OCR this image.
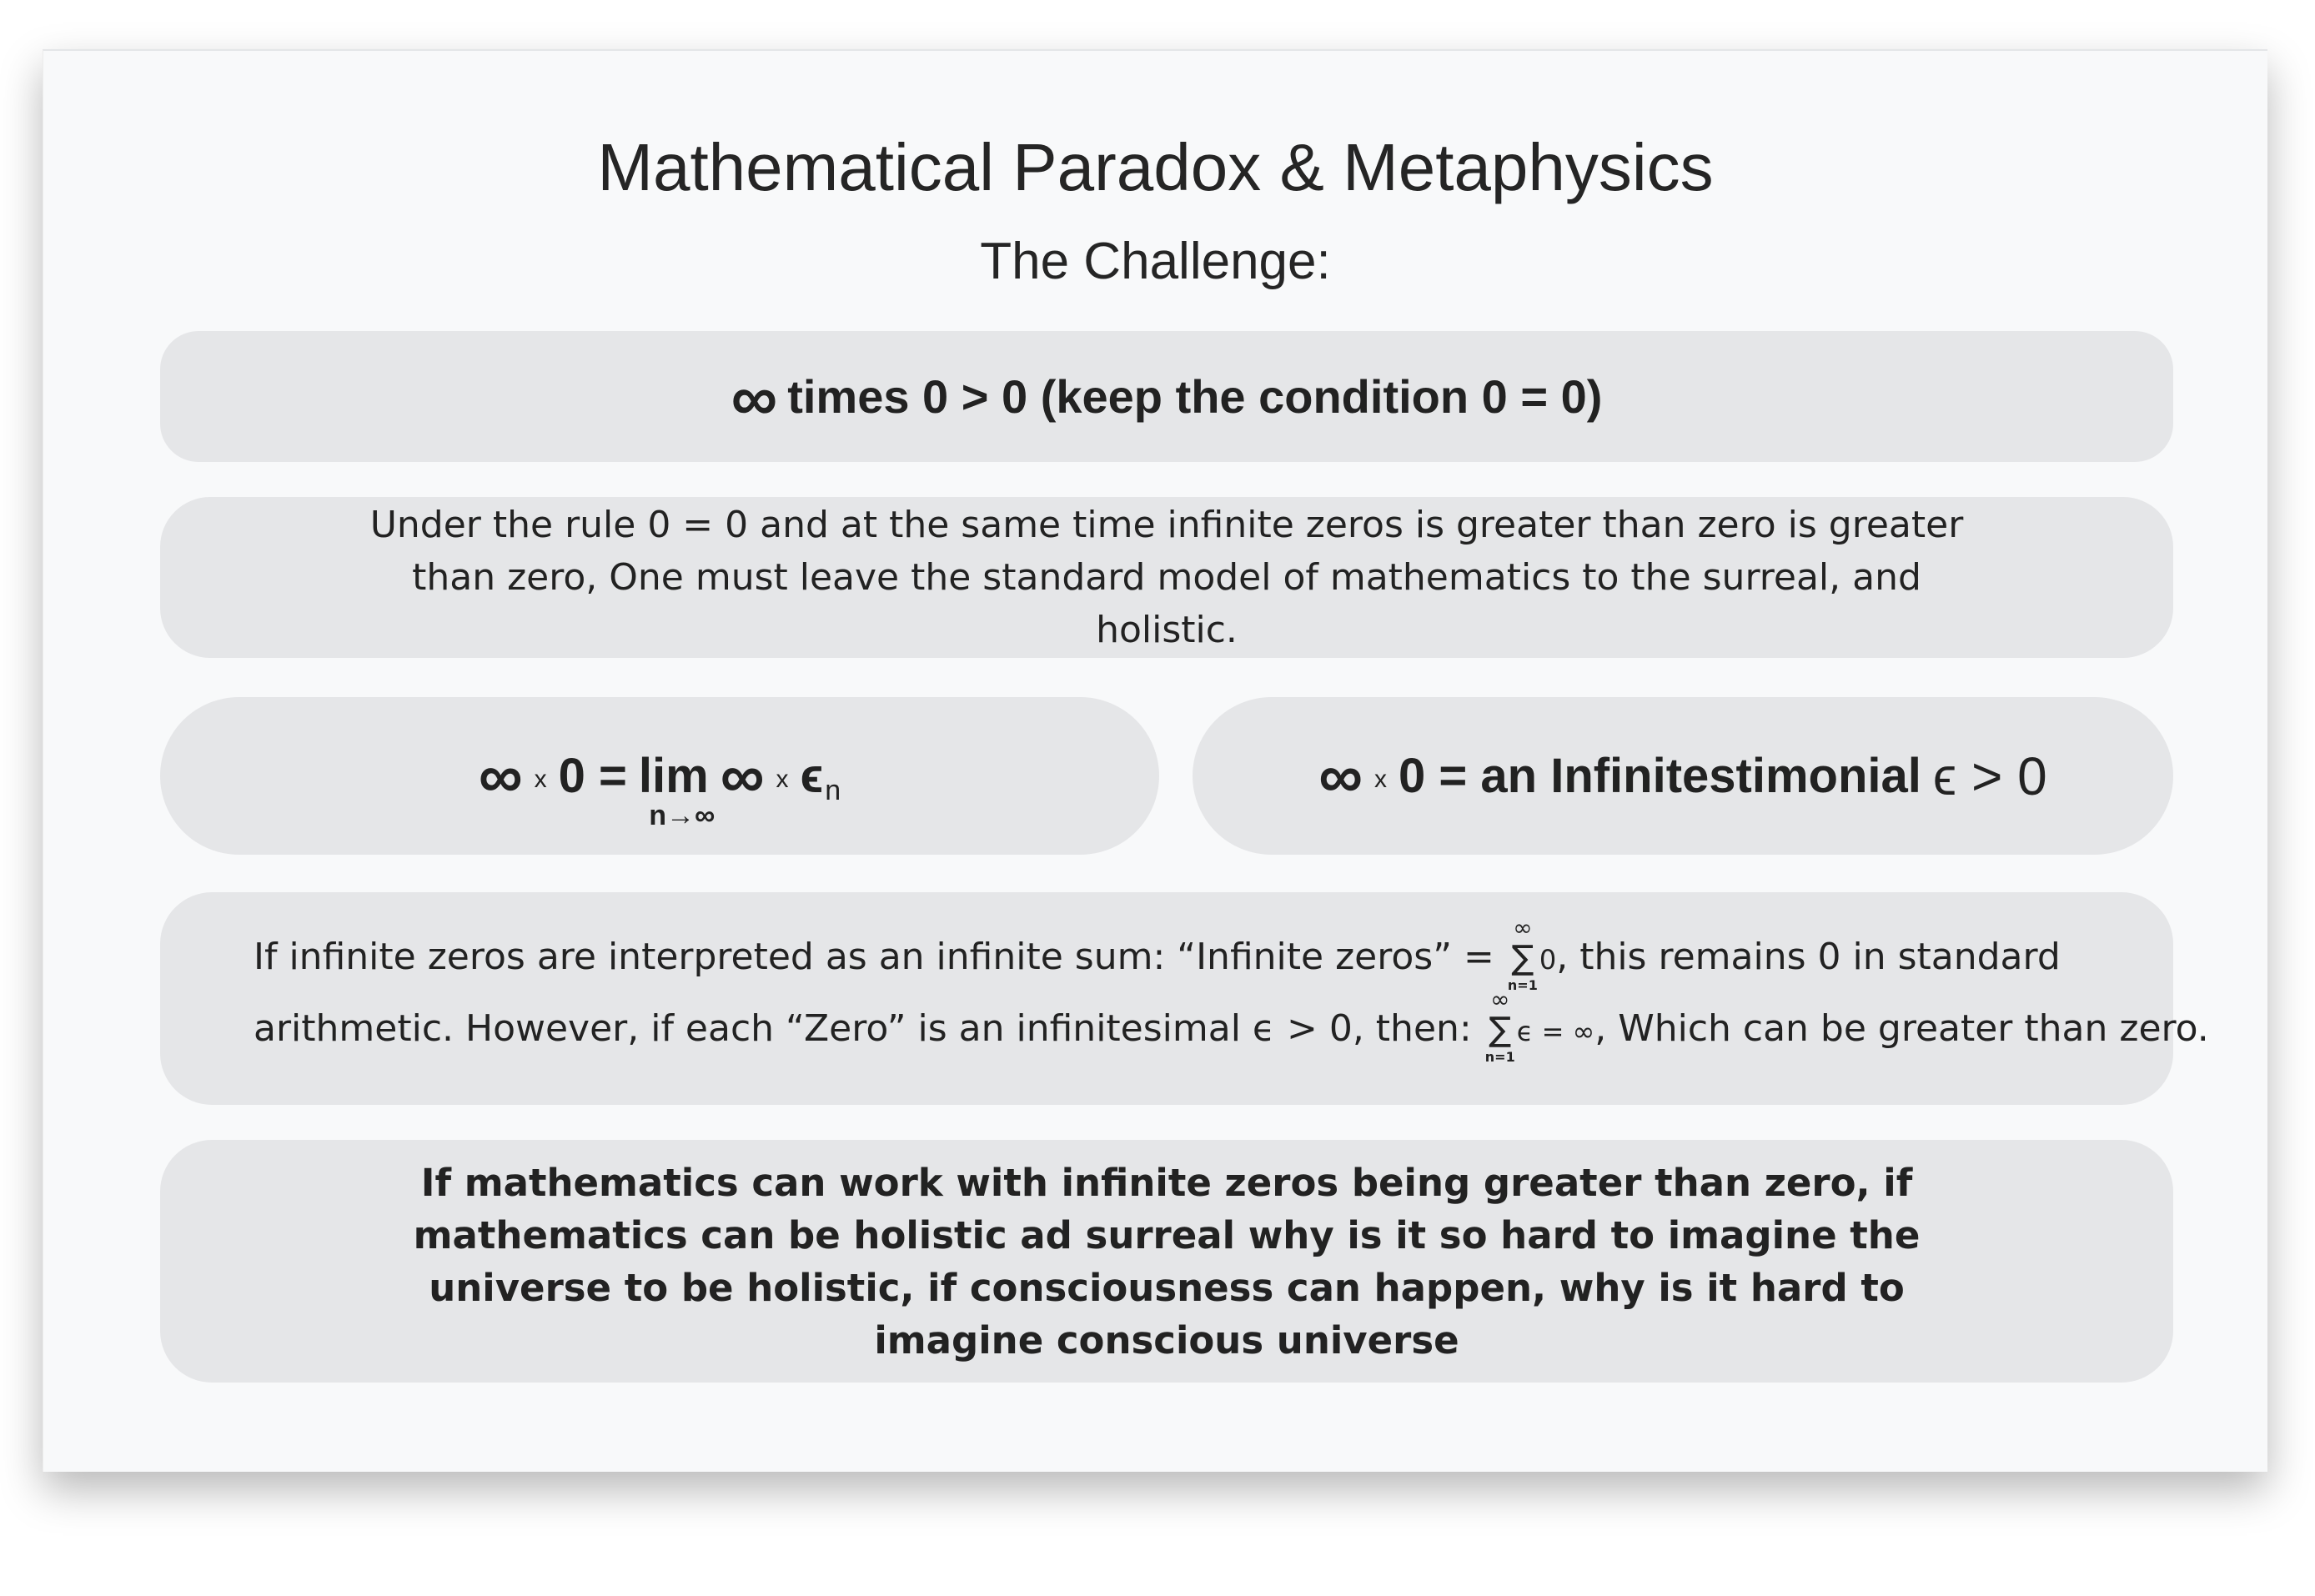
Mathematical Paradox & Metaphysics
The Challenge:
∞ times 0 > 0 (keep the condition 0 = 0)
Under the rule 0 = 0 and at the same time infinite zeros is greater than zero is greater than zero, One must leave the standard model of mathematics to the surreal, and holistic.
∞ x 0 = lim
n→∞
∞ x ϵ n	∞ x 0 = an Infinitestimonial ϵ > 0
If infinite zeros are interpreted as an infinite sum: “Infinite zeros” =
∞
∑
n=1
0, this remains 0 in standard
arithmetic. However, if each “Zero” is an infinitesimal ϵ > 0, then:
∞
∑
n=1
ϵ = ∞, Which can be greater than zero.
If mathematics can work with infinite zeros being greater than zero, if mathematics can be holistic ad surreal why is it so hard to imagine the universe to be holistic, if consciousness can happen, why is it hard to imagine conscious universe
